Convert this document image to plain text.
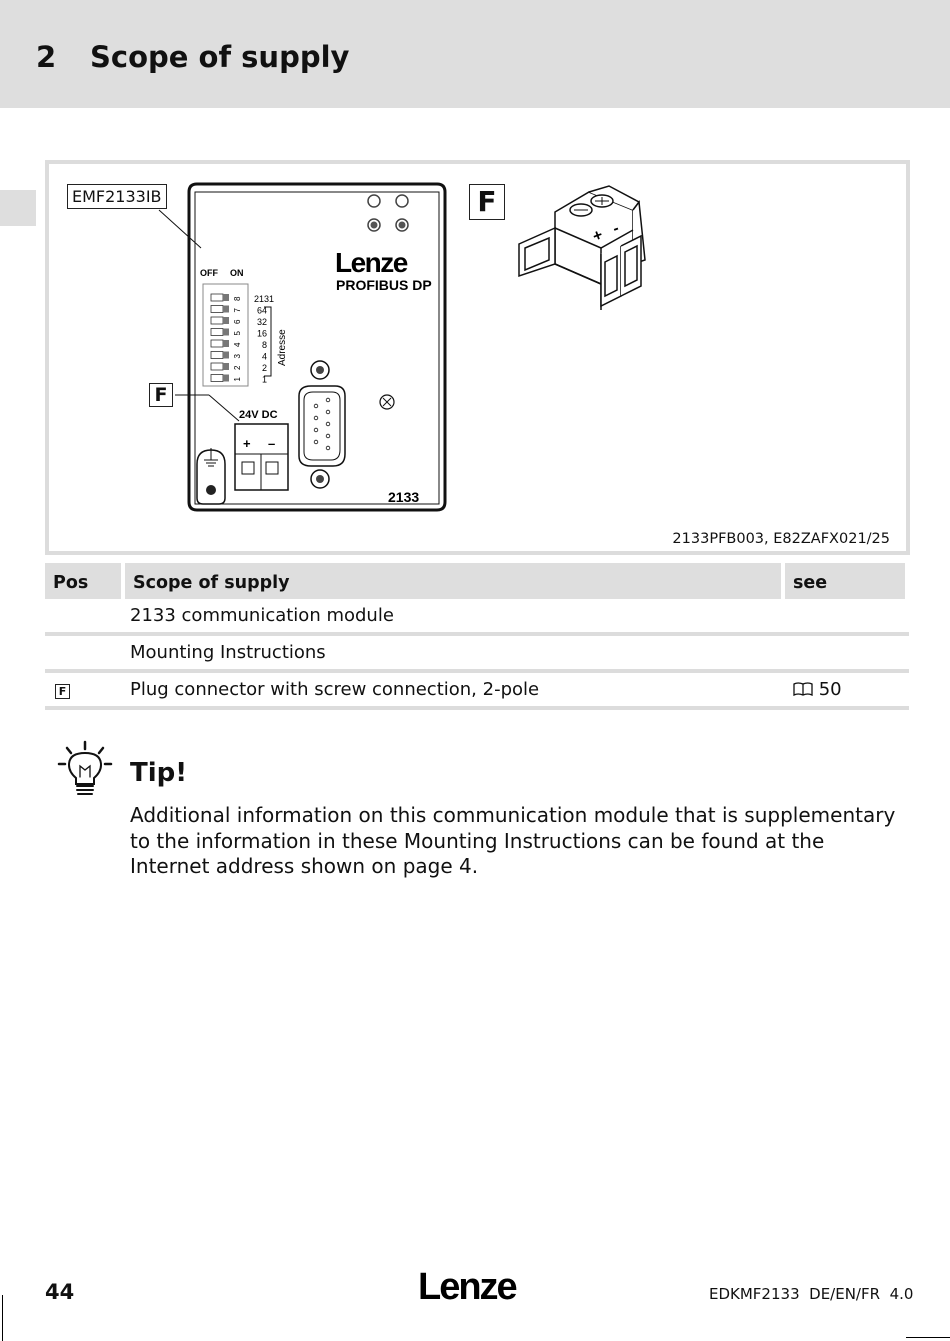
2 Scope of supply
Lenze
PROFIBUS DP
OFF ON
8
7
6
5
4
3
2
1
2131
64
32
16
8
4
2
1
Adresse
24V DC
+ –
2133
+ -
EMF2133IB
F
F
2133PFB003, E82ZAFX021/25
Pos	Scope of supply	see
	2133 communication module	
	Mounting Instructions	
F	Plug connector with screw connection, 2-pole	50
Tip!
Additional information on this communication module that is supplementary to the information in these Mounting Instructions can be found at the Internet address shown on page 4.
44	Lenze	EDKMF2133  DE/EN/FR  4.0
